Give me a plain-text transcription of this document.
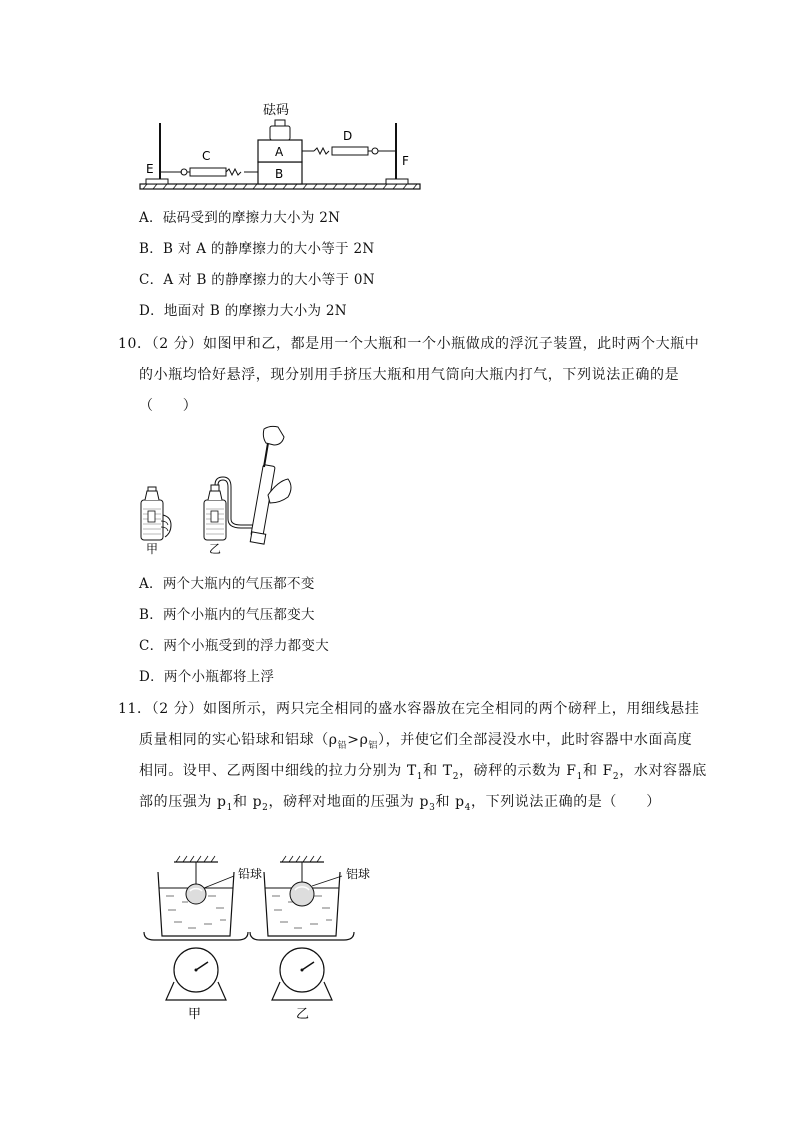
E
C
B
A
砝码
D
F
A．砝码受到的摩擦力大小为 2N
B．B 对 A 的静摩擦力的大小等于 2N
C．A 对 B 的静摩擦力的大小等于 0N
D．地面对 B 的摩擦力大小为 2N
10．（2 分）如图甲和乙，都是用一个大瓶和一个小瓶做成的浮沉子装置，此时两个大瓶中
的小瓶均恰好悬浮，现分别用手挤压大瓶和用气筒向大瓶内打气，下列说法正确的是
（　　）
甲	乙
A．两个大瓶内的气压都不变
B．两个小瓶内的气压都变大
C．两个小瓶受到的浮力都变大
D．两个小瓶都将上浮
11．（2 分）如图所示，两只完全相同的盛水容器放在完全相同的两个磅秤上，用细线悬挂
质量相同的实心铅球和铝球$(\rho_铅>\rho_铝)$，并使它们全部浸没水中，此时容器中水面高度
相同。设甲、乙两图中细线的拉力分别为 $T_1$和 $T_2$，磅秤的示数为 $F_1$和 $F_2$，水对容器底
部的压强为 $p_1$和 $p_2$，磅秤对地面的压强为 $p_3$和 $p_4$，下列说法正确的是（　　）
铅球
甲
铝球
乙
